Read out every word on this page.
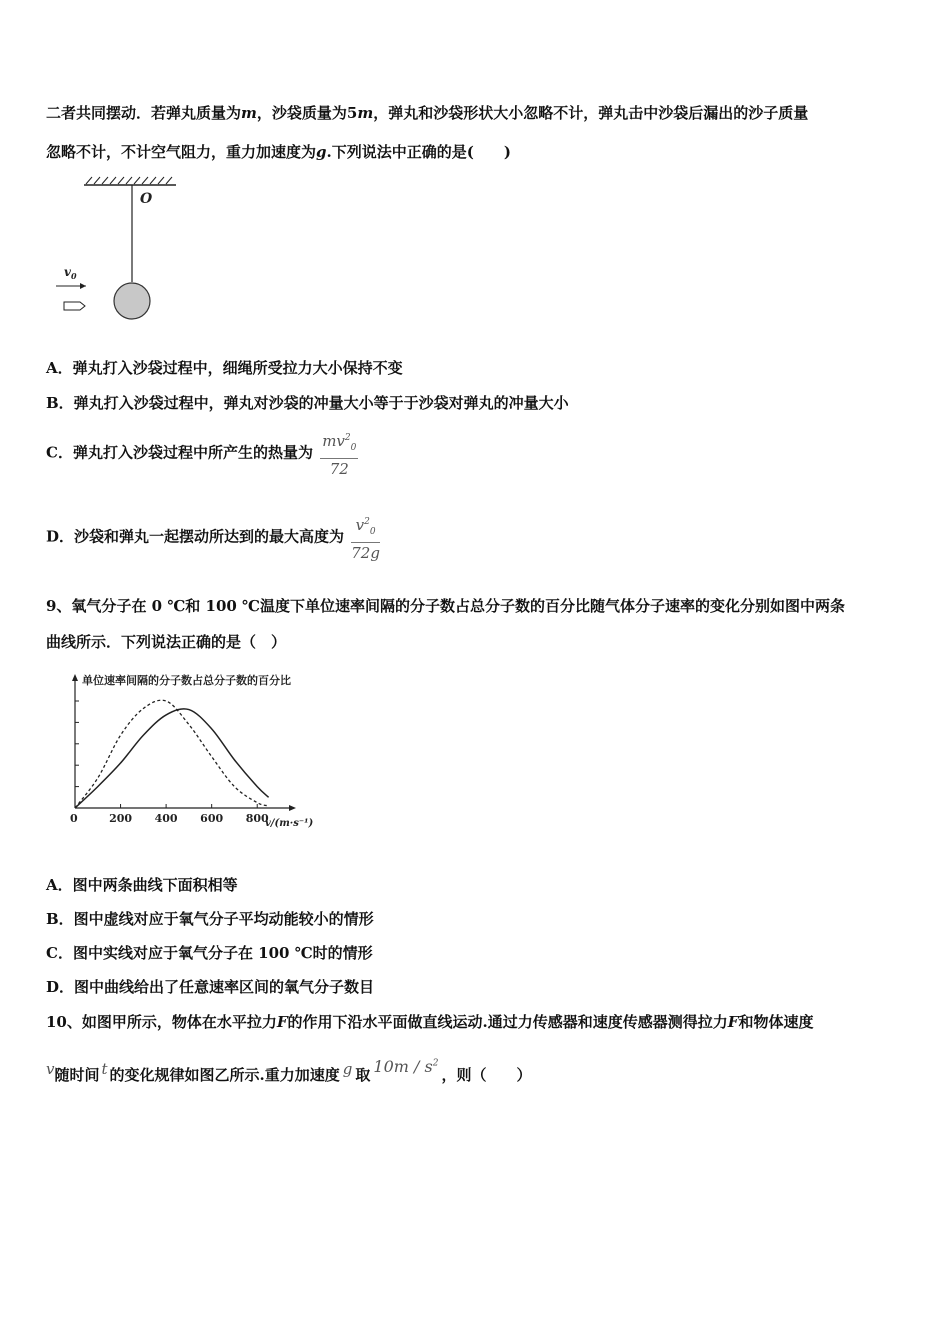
二者共同摆动．若弹丸质量为m，沙袋质量为5m，弹丸和沙袋形状大小忽略不计，弹丸击中沙袋后漏出的沙子质量
忽略不计，不计空气阻力，重力加速度为g.下列说法中正确的是(　　)
O
$v_0$
A．弹丸打入沙袋过程中，细绳所受拉力大小保持不变
B．弹丸打入沙袋过程中，弹丸对沙袋的冲量大小等于于沙袋对弹丸的冲量大小
C．弹丸打入沙袋过程中所产生的热量为 $\frac{mv^2_0}{72}$
D．沙袋和弹丸一起摆动所达到的最大高度为 $\frac{v^2_0}{72g}$
9、氧气分子在 0 ℃和 100 ℃温度下单位速率间隔的分子数占总分子数的百分比随气体分子速率的变化分别如图中两条
曲线所示．下列说法正确的是（　）
单位速率间隔的分子数占总分子数的百分比
200 400 600 800
0	v/(m·s⁻¹)
A．图中两条曲线下面积相等
B．图中虚线对应于氧气分子平均动能较小的情形
C．图中实线对应于氧气分子在 100 ℃时的情形
D．图中曲线给出了任意速率区间的氧气分子数目
10、如图甲所示，物体在水平拉力F的作用下沿水平面做直线运动.通过力传感器和速度传感器测得拉力F和物体速度
v随时间 t 的变化规律如图乙所示.重力加速度 g 取 $10m / s^2$，则（　　）
